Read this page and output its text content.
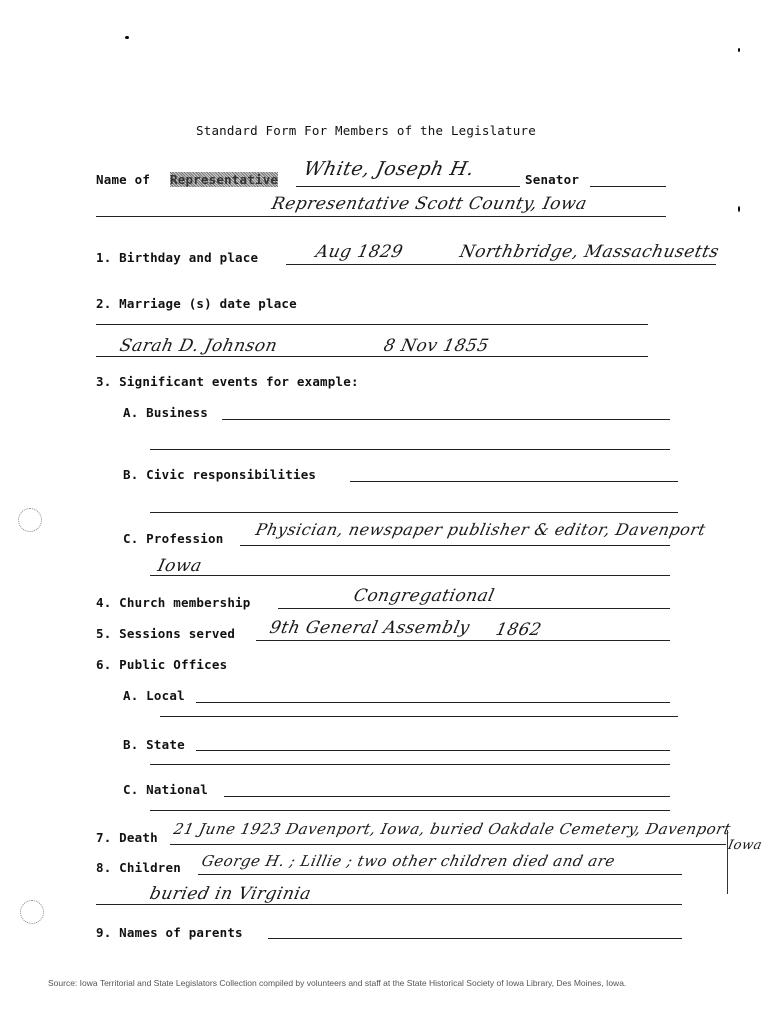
Standard Form For Members of the Legislature
Name of Representative White, Joseph H.	Senator
Representative Scott County, Iowa
1. Birthday and place	Aug 1829	Northbridge, Massachusetts
2. Marriage (s) date place
Sarah D. Johnson	8 Nov 1855
3. Significant events for example:
A. Business
B. Civic responsibilities
C. Profession Physician, newspaper publisher & editor, Davenport
Iowa
4. Church membership	Congregational
5. Sessions served 9th General Assembly 1862
6. Public Offices
A. Local
B. State
C. National
7. Death 21 June 1923 Davenport, Iowa, buried Oakdale Cemetery, Davenport
Iowa
8. Children George H. ; Lillie ; two other children died and are
buried in Virginia
9. Names of parents
Source: Iowa Territorial and State Legislators Collection compiled by volunteers and staff at the State Historical Society of Iowa Library, Des Moines, Iowa.
